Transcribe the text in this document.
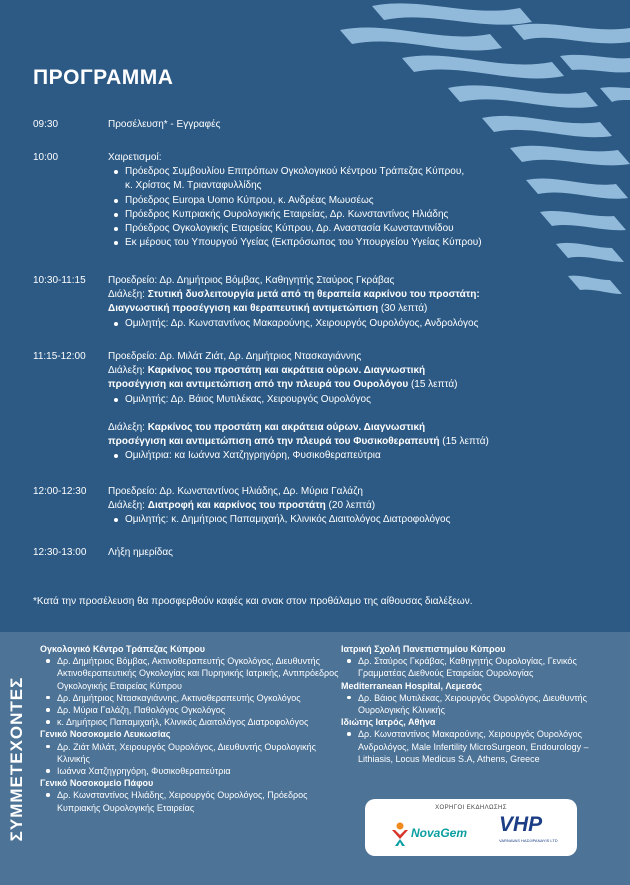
ΠΡΟΓΡΑΜΜΑ
09:30	Προσέλευση* - Εγγραφές

10:00	Χαιρετισμοί:

Πρόεδρος Συμβουλίου Επιτρόπων Ογκολογικού Κέντρου Τράπεζας Κύπρου,
κ. Χρίστος Μ. Τριανταφυλλίδης
Πρόεδρος Europa Uomo Κύπρου, κ. Ανδρέας Μωυσέως
Πρόεδρος Κυπριακής Ουρολογικής Εταιρείας, Δρ. Κωνσταντίνος Ηλιάδης
Πρόεδρος Ογκολογικής Εταιρείας Κύπρου, Δρ. Αναστασία Κωνσταντινίδου
Εκ μέρους του Υπουργού Υγείας (Εκπρόσωπος του Υπουργείου Υγείας Κύπρου)
10:30-11:15 Προεδρείο: Δρ. Δημήτριος Βόμβας, Καθηγητής Σταύρος Γκράβας

Διάλεξη: Στυτική δυσλειτουργία μετά από τη θεραπεία καρκίνου του προστάτη:
Διαγνωστική προσέγγιση και θεραπευτική αντιμετώπιση (30 λεπτά)

Ομιλητής: Δρ. Κωνσταντίνος Μακαρούνης, Χειρουργός Ουρολόγος, Ανδρολόγος
11:15-12:00 Προεδρείο: Δρ. Μιλάτ Ζιάτ, Δρ. Δημήτριος Ντασκαγιάννης

Διάλεξη: Καρκίνος του προστάτη και ακράτεια ούρων. Διαγνωστική
προσέγγιση και αντιμετώπιση από την πλευρά του Ουρολόγου (15 λεπτά)

Ομιλητής: Δρ. Βάιος Μυτιλέκας, Χειρουργός Ουρολόγος

Διάλεξη: Καρκίνος του προστάτη και ακράτεια ούρων. Διαγνωστική
προσέγγιση και αντιμετώπιση από την πλευρά του Φυσικοθεραπευτή (15 λεπτά)

Ομιλήτρια: κα Ιωάννα Χατζηγρηγόρη, Φυσικοθεραπεύτρια
12:00-12:30 Προεδρείο: Δρ. Κωνσταντίνος Ηλιάδης, Δρ. Μύρια Γαλάζη

Διάλεξη: Διατροφή και καρκίνος του προστάτη (20 λεπτά)

Ομιλητής: κ. Δημήτριος Παπαμιχαήλ, Κλινικός Διαιτολόγος Διατροφολόγος
12:30-13:00 Λήξη ημερίδας

*Κατά την προσέλευση θα προσφερθούν καφές και σνακ στον προθάλαμο της αίθουσας διαλέξεων.
ΣΥΜΜΕΤΕΧΟΝΤΕΣ
Ογκολογικό Κέντρο Τράπεζας Κύπρου
Δρ. Δημήτριος Βόμβας, Ακτινοθεραπευτής Ογκολόγος, Διευθυντής Ακτινοθεραπευτικής Ογκολογίας και Πυρηνικής Ιατρικής, Αντιπρόεδρος Ογκολογικής Εταιρείας Κύπρου
Δρ. Δημήτριος Ντασκαγιάννης, Ακτινοθεραπευτής Ογκολόγος
Δρ. Μύρια Γαλάζη, Παθολόγος Ογκολόγος
κ. Δημήτριος Παπαμιχαήλ, Κλινικός Διαιτολόγος Διατροφολόγος
Γενικό Νοσοκομείο Λευκωσίας
Δρ. Ζιάτ Μιλάτ, Χειρουργός Ουρολόγος, Διευθυντής Ουρολογικής Κλινικής
Ιωάννα Χατζηγρηγόρη, Φυσικοθεραπεύτρια
Γενικό Νοσοκομείο Πάφου
Δρ. Κωνσταντίνος Ηλιάδης, Χειρουργός Ουρολόγος, Πρόεδρος Κυπριακής Ουρολογικής Εταιρείας
Ιατρική Σχολή Πανεπιστημίου Κύπρου
Δρ. Σταύρος Γκράβας, Καθηγητής Ουρολογίας, Γενικός Γραμματέας Διεθνούς Εταιρείας Ουρολογίας
Mediterranean Hospital, Λεμεσός
Δρ. Βάιος Μυτιλέκας, Χειρουργός Ουρολόγος, Διευθυντής Ουρολογικής Κλινικής
Ιδιώτης Ιατρός, Αθήνα
Δρ. Κωνσταντίνος Μακαρούνης, Χειρουργός Ουρολόγος Ανδρολόγος, Male Infertility MicroSurgeon, Endourology – Lithiasis, Locus Medicus S.A, Athens, Greece
ΧΟΡΗΓΟΙ ΕΚΔΗΛΩΣΗΣ
NovaGem VHP
VARNAVAS HADJIPANAYIS LTD
